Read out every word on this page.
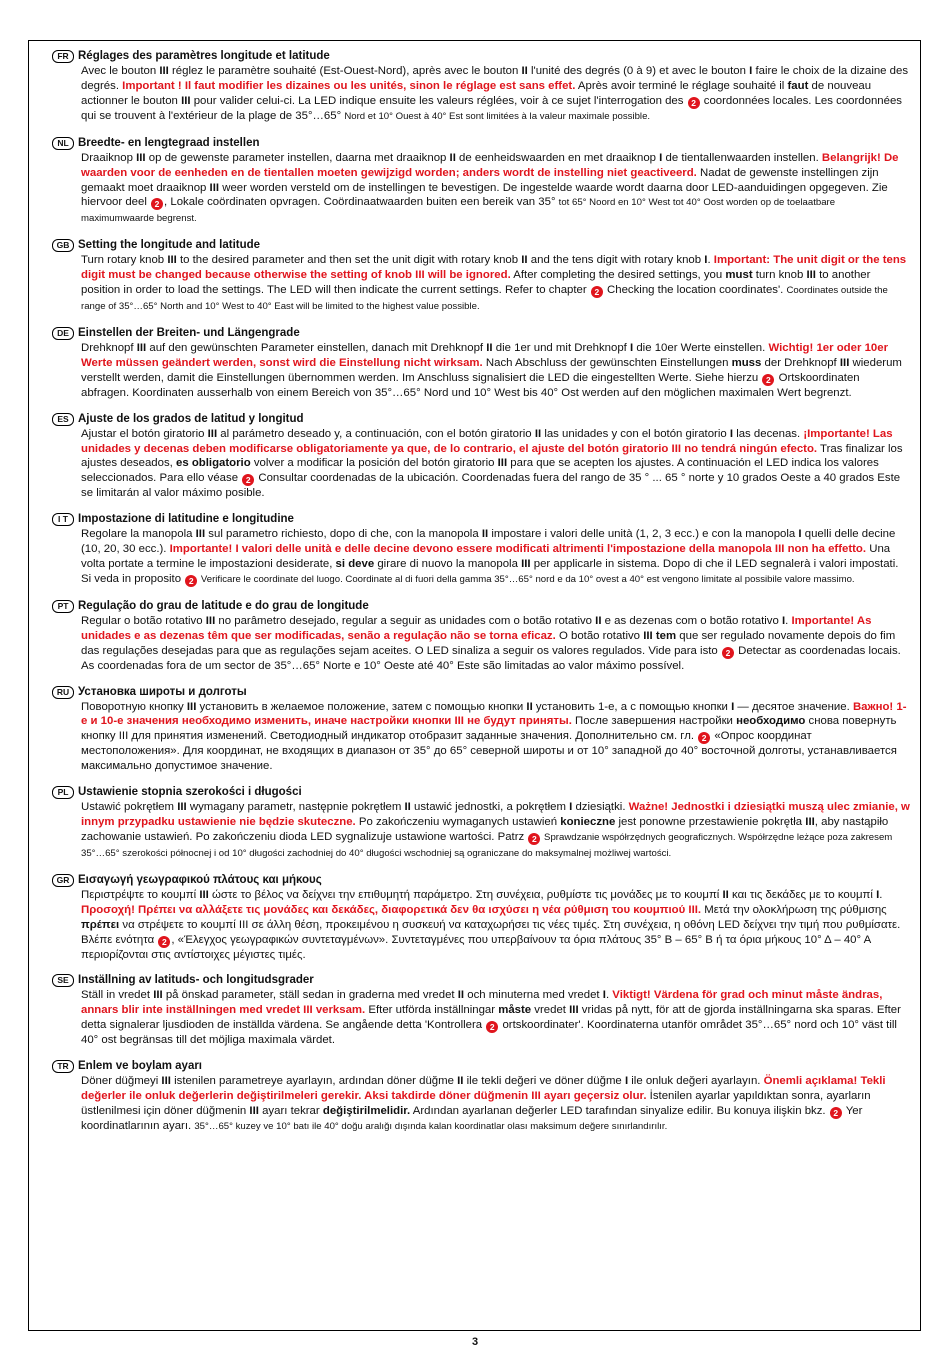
FR Réglages des paramètres longitude et latitude
Avec le bouton III réglez le paramètre souhaité (Est-Ouest-Nord), après avec le bouton II l'unité des degrés (0 à 9) et avec le bouton I faire le choix de la dizaine des degrés. Important ! Il faut modifier les dizaines ou les unités, sinon le réglage est sans effet. Après avoir terminé le réglage souhaité il faut de nouveau actionner le bouton III pour valider celui-ci. La LED indique ensuite les valeurs réglées, voir à ce sujet l'interrogation des 2 coordonnées locales. Les coordonnées qui se trouvent à l'extérieur de la plage de 35°…65° Nord et 10° Ouest à 40° Est sont limitées à la valeur maximale possible.
NL Breedte- en lengtegraad instellen
Draaiknop III op de gewenste parameter instellen, daarna met draaiknop II de eenheidswaarden en met draaiknop I de tientallenwaarden instellen. Belangrijk! De waarden voor de eenheden en de tientallen moeten gewijzigd worden; anders wordt de instelling niet geactiveerd. Nadat de gewenste instellingen zijn gemaakt moet draaiknop III weer worden versteld om de instellingen te bevestigen. De ingestelde waarde wordt daarna door LED-aanduidingen opgegeven. Zie hiervoor deel 2 , Lokale coördinaten opvragen. Coördinaatwaarden buiten een bereik van 35° tot 65° Noord en 10° West tot 40° Oost worden op de toelaatbare maximumwaarde begrenst.
GB Setting the longitude and latitude
Turn rotary knob III to the desired parameter and then set the unit digit with rotary knob II and the tens digit with rotary knob I. Important: The unit digit or the tens digit must be changed because otherwise the setting of knob III will be ignored. After completing the desired settings, you must turn knob III to another position in order to load the settings. The LED will then indicate the current settings. Refer to chapter 2 Checking the location coordinates'. Coordinates outside the range of 35°…65° North and 10° West to 40° East will be limited to the highest value possible.
DE Einstellen der Breiten- und Längengrade
Drehknopf III auf den gewünschten Parameter einstellen, danach mit Drehknopf II die 1er und mit Drehknopf I die 10er Werte einstellen. Wichtig! 1er oder 10er Werte müssen geändert werden, sonst wird die Einstellung nicht wirksam. Nach Abschluss der gewünschten Einstellungen muss der Drehknopf III wiederum verstellt werden, damit die Einstellungen übernommen werden. Im Anschluss signalisiert die LED die eingestellten Werte. Siehe hierzu 2 Ortskoordinaten abfragen. Koordinaten ausserhalb von einem Bereich von 35°…65° Nord und 10° West bis 40° Ost werden auf den möglichen maximalen Wert begrenzt.
ES Ajuste de los grados de latitud y longitud
Ajustar el botón giratorio III al parámetro deseado y, a continuación, con el botón giratorio II las unidades y con el botón giratorio I las decenas. ¡Importante! Las unidades y decenas deben modificarse obligatoriamente ya que, de lo contrario, el ajuste del botón giratorio III no tendrá ningún efecto. Tras finalizar los ajustes deseados, es obligatorio volver a modificar la posición del botón giratorio III para que se acepten los ajustes. A continuación el LED indica los valores seleccionados. Para ello véase 2 Consultar coordenadas de la ubicación. Coordenadas fuera del rango de 35 ° ... 65 ° norte y 10 grados Oeste a 40 grados Este se limitarán al valor máximo posible.
I T Impostazione di latitudine e longitudine
Regolare la manopola III sul parametro richiesto, dopo di che, con la manopola II impostare i valori delle unità (1, 2, 3 ecc.) e con la manopola I quelli delle decine (10, 20, 30 ecc.). Importante! I valori delle unità e delle decine devono essere modificati altrimenti l'impostazione della manopola III non ha effetto. Una volta portate a termine le impostazioni desiderate, si deve girare di nuovo la manopola III per applicarle in sistema. Dopo di che il LED segnalerà i valori impostati. Si veda in proposito 2 Verificare le coordinate del luogo. Coordinate al di fuori della gamma 35°…65° nord e da 10° ovest a 40° est vengono limitate al possibile valore massimo.
PT Regulação do grau de latitude e do grau de longitude
Regular o botão rotativo III no parâmetro desejado, regular a seguir as unidades com o botão rotativo II e as dezenas com o botão rotativo I. Importante! As unidades e as dezenas têm que ser modificadas, senão a regulação não se torna eficaz. O botão rotativo III tem que ser regulado novamente depois do fim das regulações desejadas para que as regulações sejam aceites. O LED sinaliza a seguir os valores regulados. Vide para isto 2 Detectar as coordenadas locais. As coordenadas fora de um sector de 35°…65° Norte e 10° Oeste até 40° Este são limitadas ao valor máximo possível.
RU Установка широты и долготы
Поворотную кнопку III установить в желаемое положение, затем с помощью кнопки II установить 1-е, а с помощью кнопки I — десятое значение. Важно! 1-е и 10-е значения необходимо изменить, иначе настройки кнопки III не будут приняты. После завершения настройки необходимо снова повернуть кнопку III для принятия изменений. Светодиодный индикатор отобразит заданные значения. Дополнительно см. гл. 2 «Опрос координат местоположения». Для координат, не входящих в диапазон от 35° до 65° северной широты и от 10° западной до 40° восточной долготы, устанавливается максимально допустимое значение.
PL Ustawienie stopnia szerokości i długości
Ustawić pokrętłem III wymagany parametr, następnie pokrętłem II ustawić jednostki, a pokrętłem I dziesiątki. Ważne! Jednostki i dziesiątki muszą ulec zmianie, w innym przypadku ustawienie nie będzie skuteczne. Po zakończeniu wymaganych ustawień konieczne jest ponowne przestawienie pokrętła III, aby nastąpiło zachowanie ustawień. Po zakończeniu dioda LED sygnalizuje ustawione wartości. Patrz 2 Sprawdzanie współrzędnych geograficznych. Współrzędne leżące poza zakresem 35°…65° szerokości północnej i od 10° długości zachodniej do 40° długości wschodniej są ograniczane do maksymalnej możliwej wartości.
GR Εισαγωγή γεωγραφικού πλάτους και μήκους
Περιστρέψτε το κουμπί III ώστε το βέλος να δείχνει την επιθυμητή παράμετρο. Στη συνέχεια, ρυθμίστε τις μονάδες με το κουμπί II και τις δεκάδες με το κουμπί I. Προσοχή! Πρέπει να αλλάξετε τις μονάδες και δεκάδες, διαφορετικά δεν θα ισχύσει η νέα ρύθμιση του κουμπιού III. Μετά την ολοκλήρωση της ρύθμισης πρέπει να στρέψετε το κουμπί III σε άλλη θέση, προκειμένου η συσκευή να καταχωρήσει τις νέες τιμές. Στη συνέχεια, η οθόνη LED δείχνει την τιμή που ρυθμίσατε. Βλέπε ενότητα 2 , «Έλεγχος γεωγραφικών συντεταγμένων». Συντεταγμένες που υπερβαίνουν τα όρια πλάτους 35° Β – 65° Β ή τα όρια μήκους 10° Δ – 40° Α περιορίζονται στις αντίστοιχες μέγιστες τιμές.
SE Inställning av latituds- och longitudsgrader
Ställ in vredet III på önskad parameter, ställ sedan in graderna med vredet II och minuterna med vredet I. Viktigt! Värdena för grad och minut måste ändras, annars blir inte inställningen med vredet III verksam. Efter utförda inställningar måste vredet III vridas på nytt, för att de gjorda inställningarna ska sparas. Efter detta signalerar ljusdioden de inställda värdena. Se angående detta 'Kontrollera 2 ortskoordinater'. Koordinaterna utanför området 35°…65° nord och 10° väst till 40° ost begränsas till det möjliga maximala värdet.
TR Enlem ve boylam ayarı
Döner düğmeyi III istenilen parametreye ayarlayın, ardından döner düğme II ile tekli değeri ve döner düğme I ile onluk değeri ayarlayın. Önemli açıklama! Tekli değerler ile onluk değerlerin değiştirilmeleri gerekir. Aksi takdirde döner düğmenin III ayarı geçersiz olur. İstenilen ayarlar yapıldıktan sonra, ayarların üstlenilmesi için döner düğmenin III ayarı tekrar değiştirilmelidir. Ardından ayarlanan değerler LED tarafından sinyalize edilir. Bu konuya ilişkin bkz. 2 Yer koordinatlarının ayarı. 35°…65° kuzey ve 10° batı ile 40° doğu aralığı dışında kalan koordinatlar olası maksimum değere sınırlandırılır.
3
